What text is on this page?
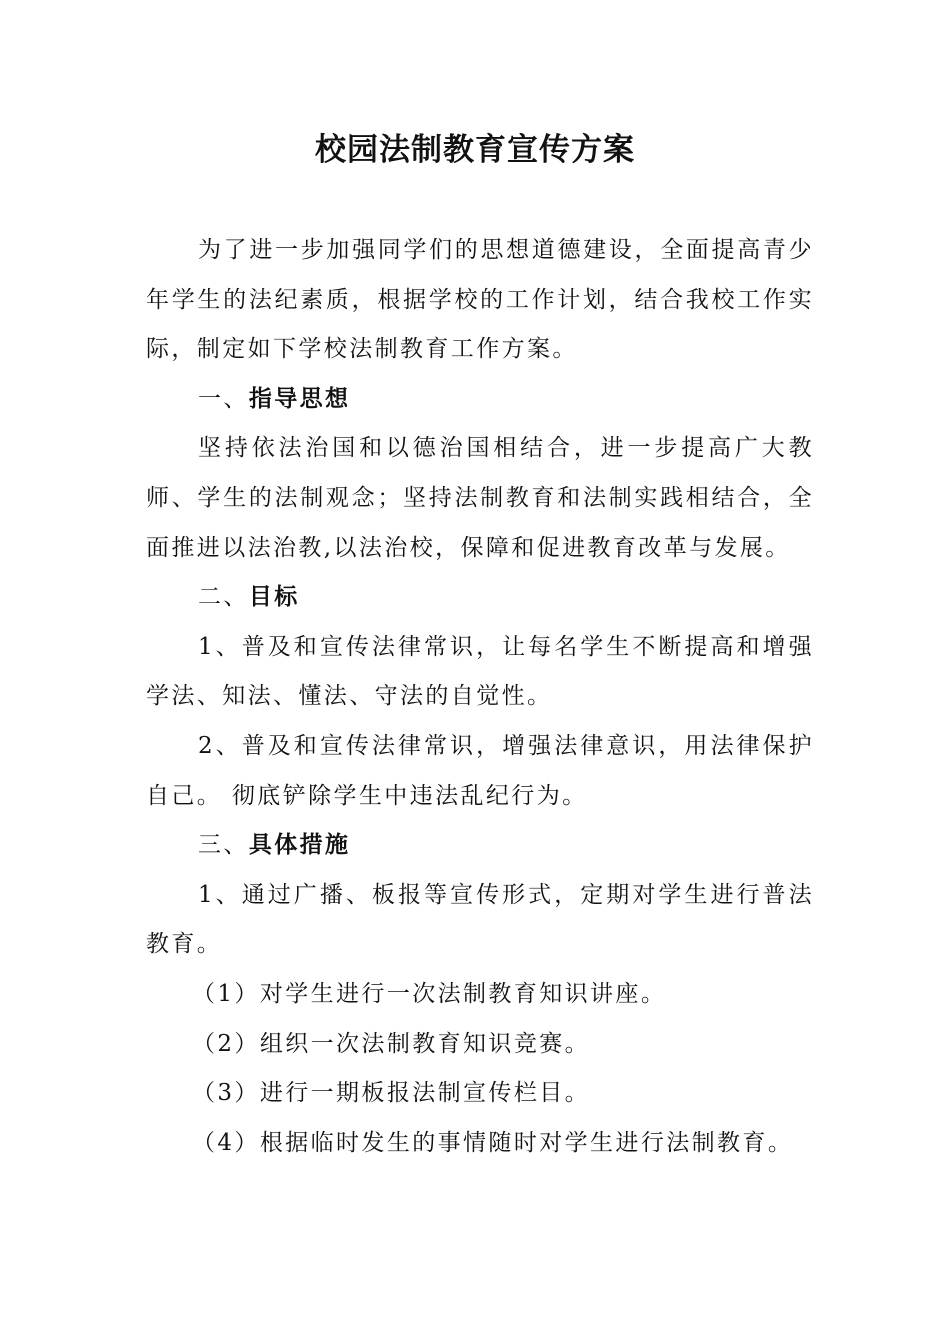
校园法制教育宣传方案

为了进一步加强同学们的思想道德建设，全面提高青少年学生的法纪素质，根据学校的工作计划，结合我校工作实际，制定如下学校法制教育工作方案。

一、指导思想

坚持依法治国和以德治国相结合，进一步提高广大教师、学生的法制观念；坚持法制教育和法制实践相结合，全面推进以法治教,以法治校，保障和促进教育改革与发展。

二、目标

1、普及和宣传法律常识，让每名学生不断提高和增强学法、知法、懂法、守法的自觉性。

2、普及和宣传法律常识，增强法律意识，用法律保护自己。 彻底铲除学生中违法乱纪行为。

三、具体措施

1、通过广播、板报等宣传形式，定期对学生进行普法教育。

（1）对学生进行一次法制教育知识讲座。

（2）组织一次法制教育知识竞赛。

（3）进行一期板报法制宣传栏目。

（4）根据临时发生的事情随时对学生进行法制教育。
